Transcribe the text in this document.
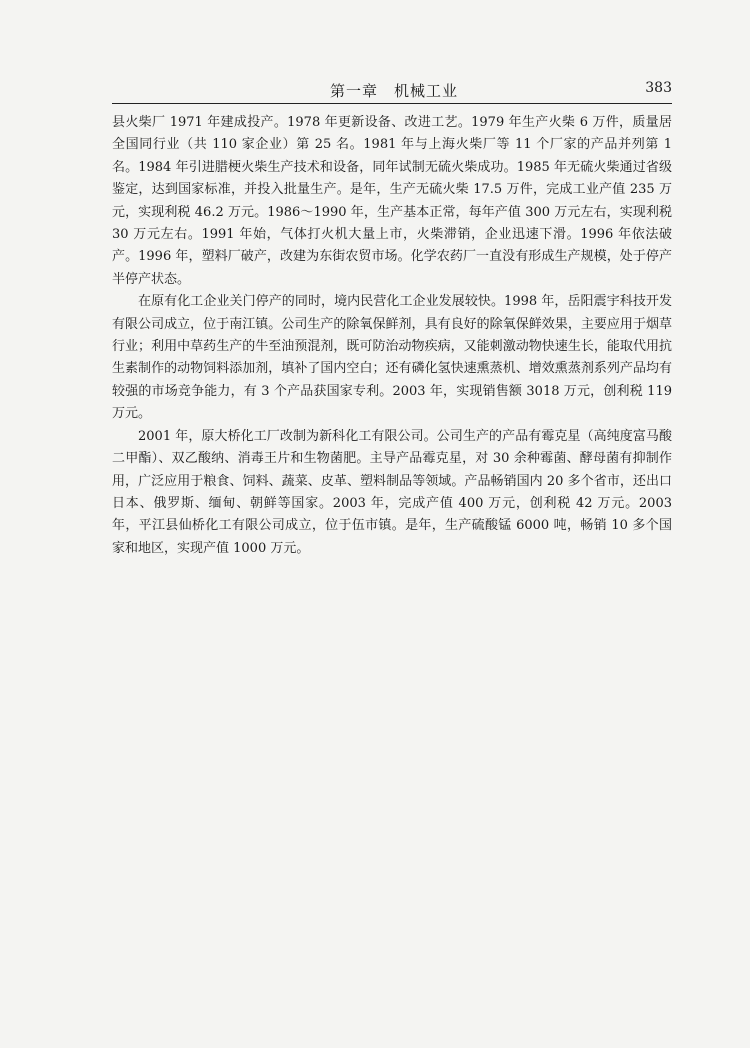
第一章　机械工业	383

县火柴厂 1971 年建成投产。1978 年更新设备、改进工艺。1979 年生产火柴 6 万件，质量居全国同行业（共 110 家企业）第 25 名。1981 年与上海火柴厂等 11 个厂家的产品并列第 1 名。1984 年引进腊梗火柴生产技术和设备，同年试制无硫火柴成功。1985 年无硫火柴通过省级鉴定，达到国家标准，并投入批量生产。是年，生产无硫火柴 17.5 万件，完成工业产值 235 万元，实现利税 46.2 万元。1986～1990 年，生产基本正常，每年产值 300 万元左右，实现利税 30 万元左右。1991 年始，气体打火机大量上市，火柴滞销，企业迅速下滑。1996 年依法破产。1996 年，塑料厂破产，改建为东街农贸市场。化学农药厂一直没有形成生产规模，处于停产半停产状态。

在原有化工企业关门停产的同时，境内民营化工企业发展较快。1998 年，岳阳震宇科技开发有限公司成立，位于南江镇。公司生产的除氧保鲜剂，具有良好的除氧保鲜效果，主要应用于烟草行业；利用中草药生产的牛至油预混剂，既可防治动物疾病，又能刺激动物快速生长，能取代用抗生素制作的动物饲料添加剂，填补了国内空白；还有磷化氢快速熏蒸机、增效熏蒸剂系列产品均有较强的市场竞争能力，有 3 个产品获国家专利。2003 年，实现销售额 3018 万元，创利税 119 万元。

2001 年，原大桥化工厂改制为新科化工有限公司。公司生产的产品有霉克星（高纯度富马酸二甲酯）、双乙酸纳、消毒王片和生物菌肥。主导产品霉克星，对 30 余种霉菌、酵母菌有抑制作用，广泛应用于粮食、饲料、蔬菜、皮革、塑料制品等领域。产品畅销国内 20 多个省市，还出口日本、俄罗斯、缅甸、朝鲜等国家。2003 年，完成产值 400 万元，创利税 42 万元。2003 年，平江县仙桥化工有限公司成立，位于伍市镇。是年，生产硫酸锰 6000 吨，畅销 10 多个国家和地区，实现产值 1000 万元。
